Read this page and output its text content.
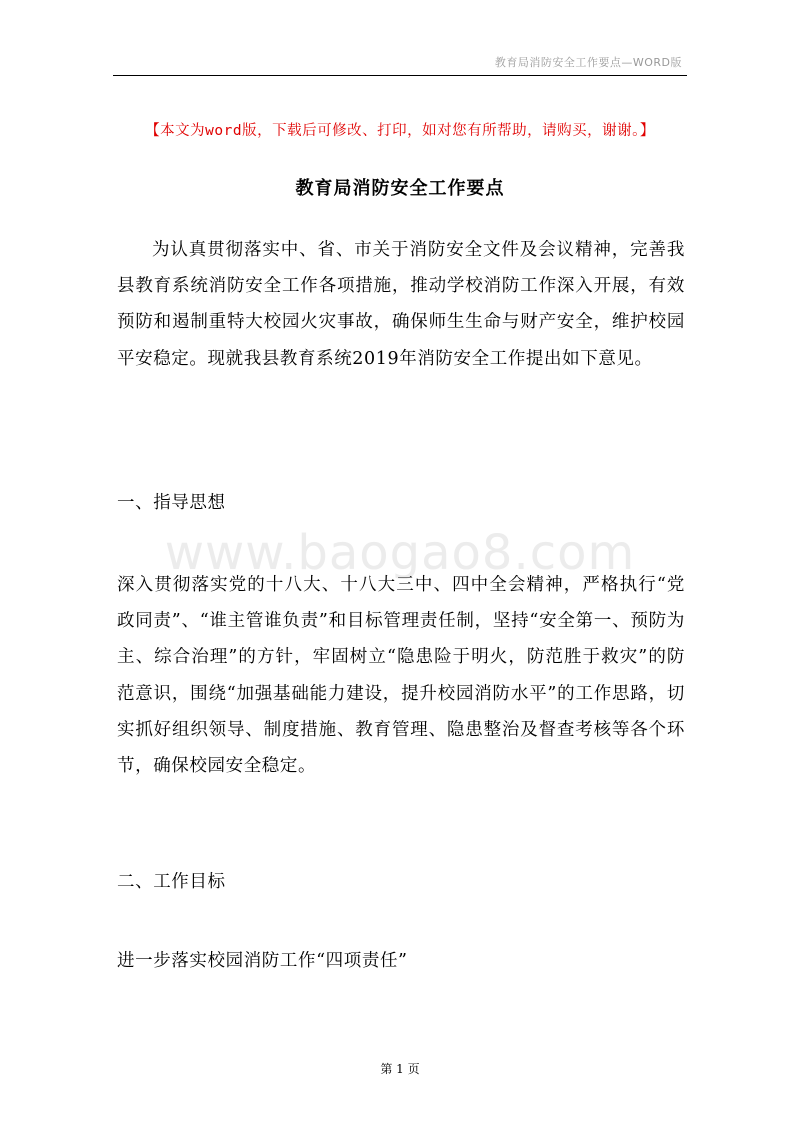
教育局消防安全工作要点—WORD版
【本文为word版，下载后可修改、打印，如对您有所帮助，请购买，谢谢。】
教育局消防安全工作要点
为认真贯彻落实中、省、市关于消防安全文件及会议精神，完善我县教育系统消防安全工作各项措施，推动学校消防工作深入开展，有效预防和遏制重特大校园火灾事故，确保师生生命与财产安全，维护校园平安稳定。现就我县教育系统2019年消防安全工作提出如下意见。
一、指导思想
www.baogao8.com
深入贯彻落实党的十八大、十八大三中、四中全会精神，严格执行“党政同责”、“谁主管谁负责”和目标管理责任制，坚持“安全第一、预防为主、综合治理”的方针，牢固树立“隐患险于明火，防范胜于救灾”的防范意识，围绕“加强基础能力建设，提升校园消防水平”的工作思路，切实抓好组织领导、制度措施、教育管理、隐患整治及督查考核等各个环节，确保校园安全稳定。
二、工作目标
进一步落实校园消防工作“四项责任”
第 1 页
